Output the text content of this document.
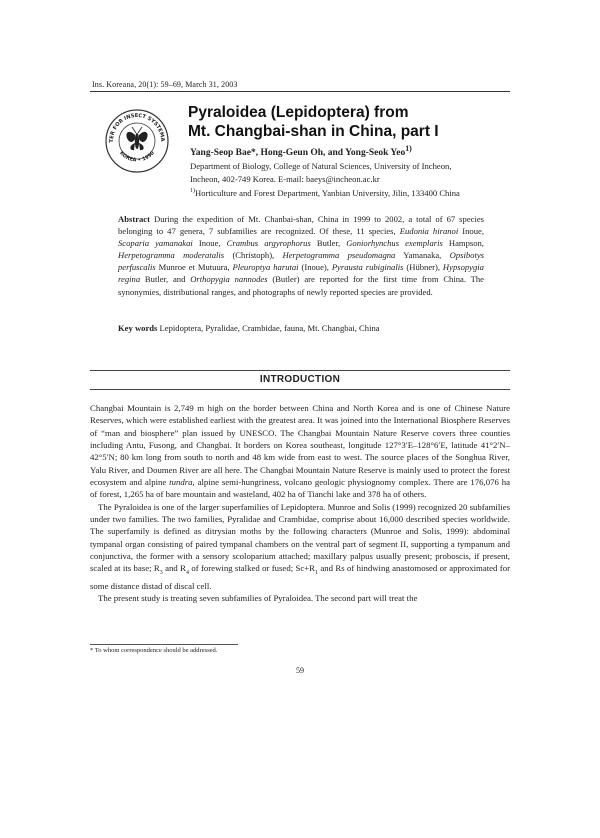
Ins. Koreana, 20(1): 59–69, March 31, 2003
TER FOR INSECT SYSTEMA
KOREA • 1990
Pyraloidea (Lepidoptera) from
Mt. Changbai-shan in China, part I
Yang-Seop Bae*, Hong-Geun Oh, and Yong-Seok Yeo$^{1)}$
Department of Biology, College of Natural Sciences, University of Incheon,
Incheon, 402-749 Korea. E-mail: baeys@incheon.ac.kr
$^{1)}$Horticulture and Forest Department, Yanbian University, Jilin, 133400 China
Abstract During the expedition of Mt. Chanbai-shan, China in 1999 to 2002, a total of 67 species belonging to 47 genera, 7 subfamilies are recognized. Of these, 11 species, Eudonia hiranoi Inoue, Scoparia yamanakai Inoue, Crambus argyrophorus Butler, Goniorhynchus exemplaris Hampson, Herpetogramma moderatalis (Christoph), Herpetogramma pseudomagna Yamanaka, Opsibotys perfuscalis Munroe et Mutuura, Pleuroptya harutai (Inoue), Pyrausta rubiginalis (Hübner), Hypsopygia regina Butler, and Orthopygia nannodes (Butler) are reported for the first time from China. The synonymies, distributional ranges, and photographs of newly reported species are provided.
Key words Lepidoptera, Pyralidae, Crambidae, fauna, Mt. Changbai, China
INTRODUCTION

Changbai Mountain is 2,749 m high on the border between China and North Korea and is one of Chinese Nature Reserves, which were established earliest with the greatest area. It was joined into the International Biosphere Reserves of “man and biosphere” plan issued by UNESCO. The Changbai Mountain Nature Reserve covers three counties including Antu, Fusong, and Changbai. It borders on Korea southeast, longitude 127°3′E–128°6′E, latitude 41°2′N–42°5′N; 80 km long from south to north and 48 km wide from east to west. The source places of the Songhua River, Yalu River, and Doumen River are all here. The Changbai Mountain Nature Reserve is mainly used to protect the forest ecosystem and alpine tundra, alpine semi-hungriness, volcano geologic physiognomy complex. There are 176,076 ha of forest, 1,265 ha of bare mountain and wasteland, 402 ha of Tianchi lake and 378 ha of others.

The Pyraloidea is one of the larger superfamilies of Lepidoptera. Munroe and Solis (1999) recognized 20 subfamilies under two families. The two families, Pyralidae and Crambidae, comprise about 16,000 described species worldwide. The superfamily is defined as ditrysian moths by the following characters (Munroe and Solis, 1999): abdominal tympanal organ consisting of paired tympanal chambers on the ventral part of segment II, supporting a tympanum and conjunctiva, the former with a sensory scoloparium attached; maxillary palpus usually present; proboscis, if present, scaled at its base; $R_3$ and $R_4$ of forewing stalked or fused; $Sc+R_1$ and Rs of hindwing anastomosed or approximated for some distance distad of discal cell.

The present study is treating seven subfamilies of Pyraloidea. The second part will treat the

* To whom correspondence should be addressed.
59
